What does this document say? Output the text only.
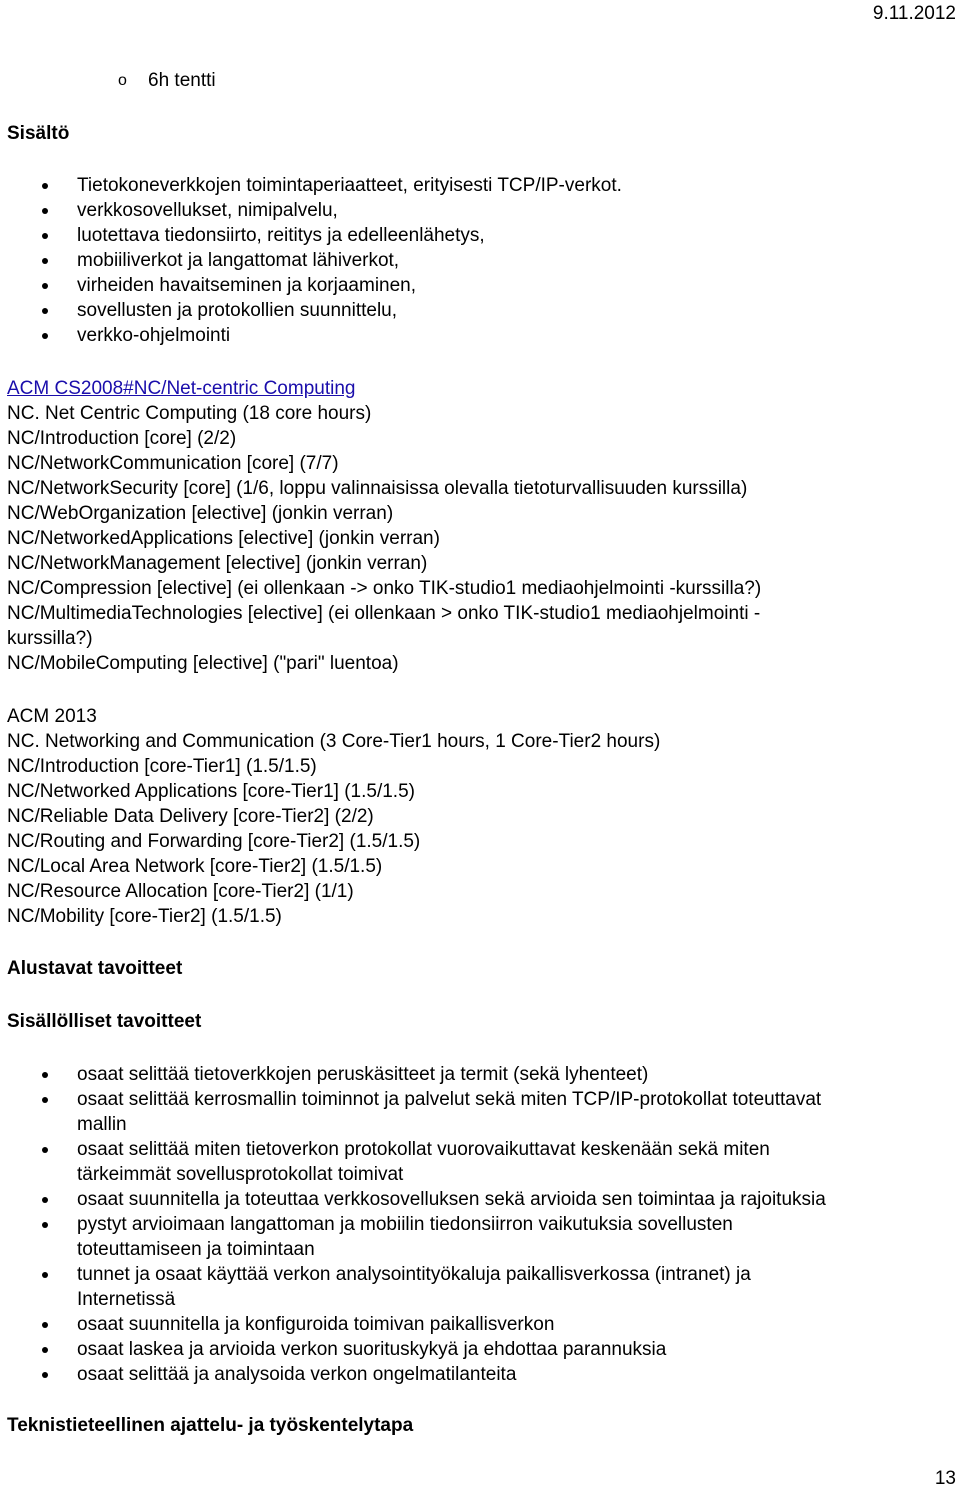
9.11.2012
o 6h tentti
Sisältö
Tietokoneverkkojen toimintaperiaatteet, erityisesti TCP/IP-verkot.
verkkosovellukset, nimipalvelu,
luotettava tiedonsiirto, reititys ja edelleenlähetys,
mobiiliverkot ja langattomat lähiverkot,
virheiden havaitseminen ja korjaaminen,
sovellusten ja protokollien suunnittelu,
verkko-ohjelmointi
ACM CS2008#NC/Net-centric Computing
NC. Net Centric Computing (18 core hours)
NC/Introduction [core] (2/2)
NC/NetworkCommunication [core] (7/7)
NC/NetworkSecurity [core] (1/6, loppu valinnaisissa olevalla tietoturvallisuuden kurssilla)
NC/WebOrganization [elective] (jonkin verran)
NC/NetworkedApplications [elective] (jonkin verran)
NC/NetworkManagement [elective] (jonkin verran)
NC/Compression [elective] (ei ollenkaan -> onko TIK-studio1 mediaohjelmointi -kurssilla?)
NC/MultimediaTechnologies [elective] (ei ollenkaan > onko TIK-studio1 mediaohjelmointi -
kurssilla?)
NC/MobileComputing [elective] ("pari" luentoa)
ACM 2013
NC. Networking and Communication (3 Core-Tier1 hours, 1 Core-Tier2 hours)
NC/Introduction [core-Tier1] (1.5/1.5)
NC/Networked Applications [core-Tier1] (1.5/1.5)
NC/Reliable Data Delivery [core-Tier2] (2/2)
NC/Routing and Forwarding [core-Tier2] (1.5/1.5)
NC/Local Area Network [core-Tier2] (1.5/1.5)
NC/Resource Allocation [core-Tier2] (1/1)
NC/Mobility [core-Tier2] (1.5/1.5)
Alustavat tavoitteet
Sisällölliset tavoitteet
osaat selittää tietoverkkojen peruskäsitteet ja termit (sekä lyhenteet)
osaat selittää kerrosmallin toiminnot ja palvelut sekä miten TCP/IP-protokollat toteuttavat
mallin
osaat selittää miten tietoverkon protokollat vuorovaikuttavat keskenään sekä miten
tärkeimmät sovellusprotokollat toimivat
osaat suunnitella ja toteuttaa verkkosovelluksen sekä arvioida sen toimintaa ja rajoituksia
pystyt arvioimaan langattoman ja mobiilin tiedonsiirron vaikutuksia sovellusten
toteuttamiseen ja toimintaan
tunnet ja osaat käyttää verkon analysointityökaluja paikallisverkossa (intranet) ja
Internetissä
osaat suunnitella ja konfiguroida toimivan paikallisverkon
osaat laskea ja arvioida verkon suorituskykyä ja ehdottaa parannuksia
osaat selittää ja analysoida verkon ongelmatilanteita
Teknistieteellinen ajattelu- ja työskentelytapa
13
